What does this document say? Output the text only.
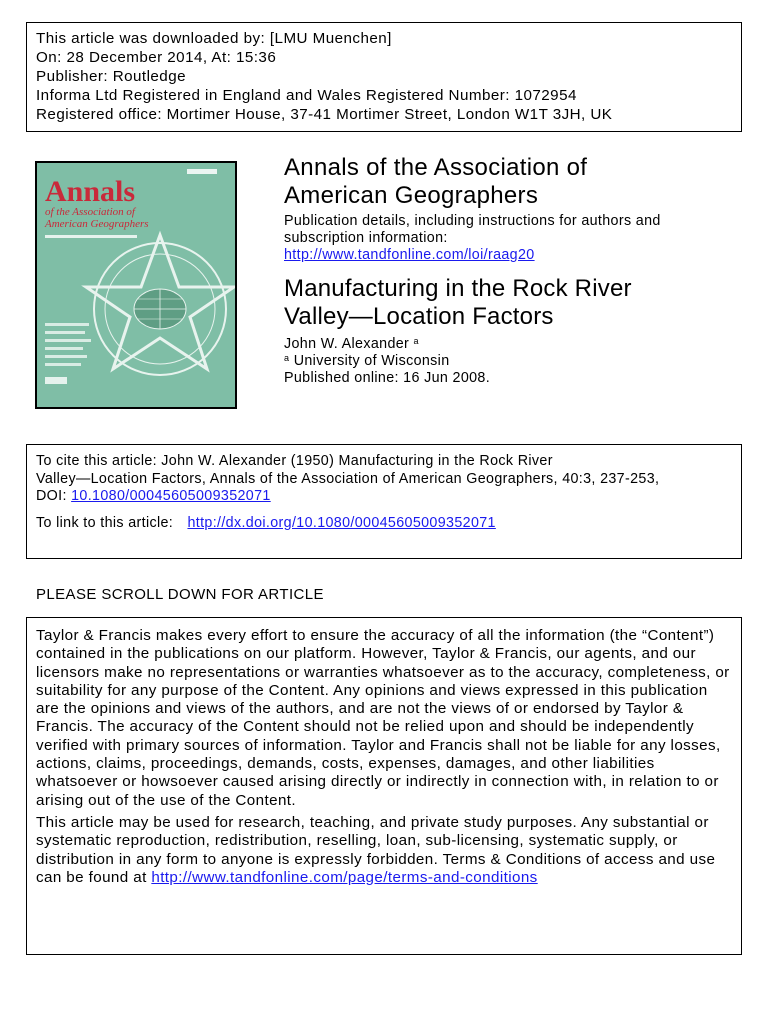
This article was downloaded by: [LMU Muenchen]
On: 28 December 2014, At: 15:36
Publisher: Routledge
Informa Ltd Registered in England and Wales Registered Number: 1072954
Registered office: Mortimer House, 37-41 Mortimer Street, London W1T 3JH, UK
Annals
of the Association of
American Geographers
Annals of the Association of
American Geographers
Publication details, including instructions for authors and
subscription information:
http://www.tandfonline.com/loi/raag20
Manufacturing in the Rock River
Valley—Location Factors
John W. Alexander $^a$
$^a$ University of Wisconsin
Published online: 16 Jun 2008.
To cite this article: John W. Alexander (1950) Manufacturing in the Rock River
Valley—Location Factors, Annals of the Association of American Geographers, 40:3, 237-253,
DOI: 10.1080/00045605009352071
To link to this article: http://dx.doi.org/10.1080/00045605009352071
PLEASE SCROLL DOWN FOR ARTICLE

Taylor & Francis makes every effort to ensure the accuracy of all the information (the “Content”) contained in the publications on our platform. However, Taylor & Francis, our agents, and our licensors make no representations or warranties whatsoever as to the accuracy, completeness, or suitability for any purpose of the Content. Any opinions and views expressed in this publication are the opinions and views of the authors, and are not the views of or endorsed by Taylor & Francis. The accuracy of the Content should not be relied upon and should be independently verified with primary sources of information. Taylor and Francis shall not be liable for any losses, actions, claims, proceedings, demands, costs, expenses, damages, and other liabilities whatsoever or howsoever caused arising directly or indirectly in connection with, in relation to or arising out of the use of the Content.

This article may be used for research, teaching, and private study purposes. Any substantial or systematic reproduction, redistribution, reselling, loan, sub-licensing, systematic supply, or distribution in any form to anyone is expressly forbidden. Terms & Conditions of access and use can be found at http://www.tandfonline.com/page/terms-and-conditions
